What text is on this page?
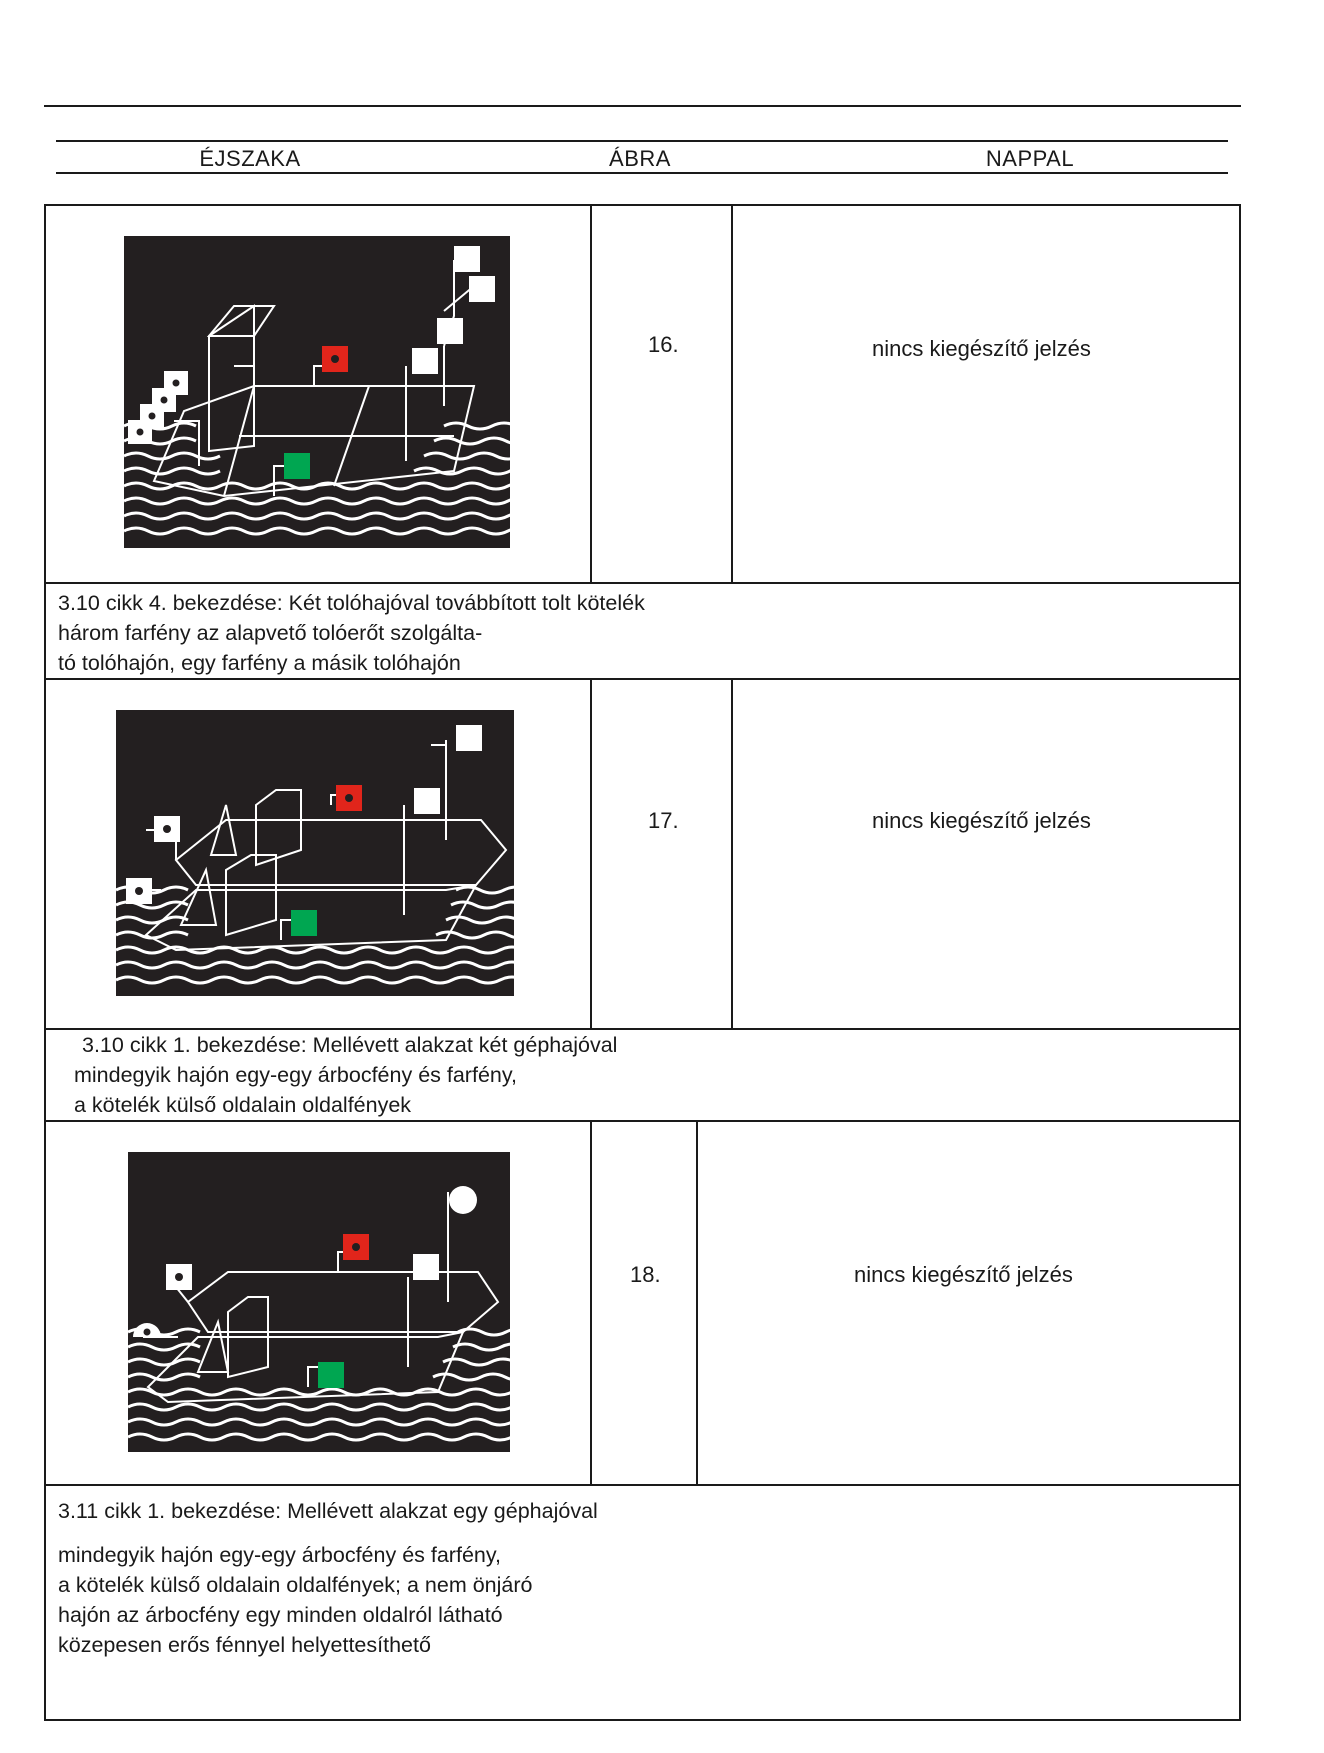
ÉJSZAKA	ÁBRA	NAPPAL
16.	nincs kiegészítő jelzés
3.10 cikk 4. bekezdése: Két tolóhajóval továbbított tolt kötelék
három farfény az alapvető tolóerőt szolgálta-
tó tolóhajón, egy farfény a másik tolóhajón
17.	nincs kiegészítő jelzés
3.10 cikk 1. bekezdése: Mellévett alakzat két géphajóval
mindegyik hajón egy-egy árbocfény és farfény,
a kötelék külső oldalain oldalfények
18.	nincs kiegészítő jelzés
3.11 cikk 1. bekezdése: Mellévett alakzat egy géphajóval
mindegyik hajón egy-egy árbocfény és farfény,
a kötelék külső oldalain oldalfények; a nem önjáró
hajón az árbocfény egy minden oldalról látható
közepesen erős fénnyel helyettesíthető
